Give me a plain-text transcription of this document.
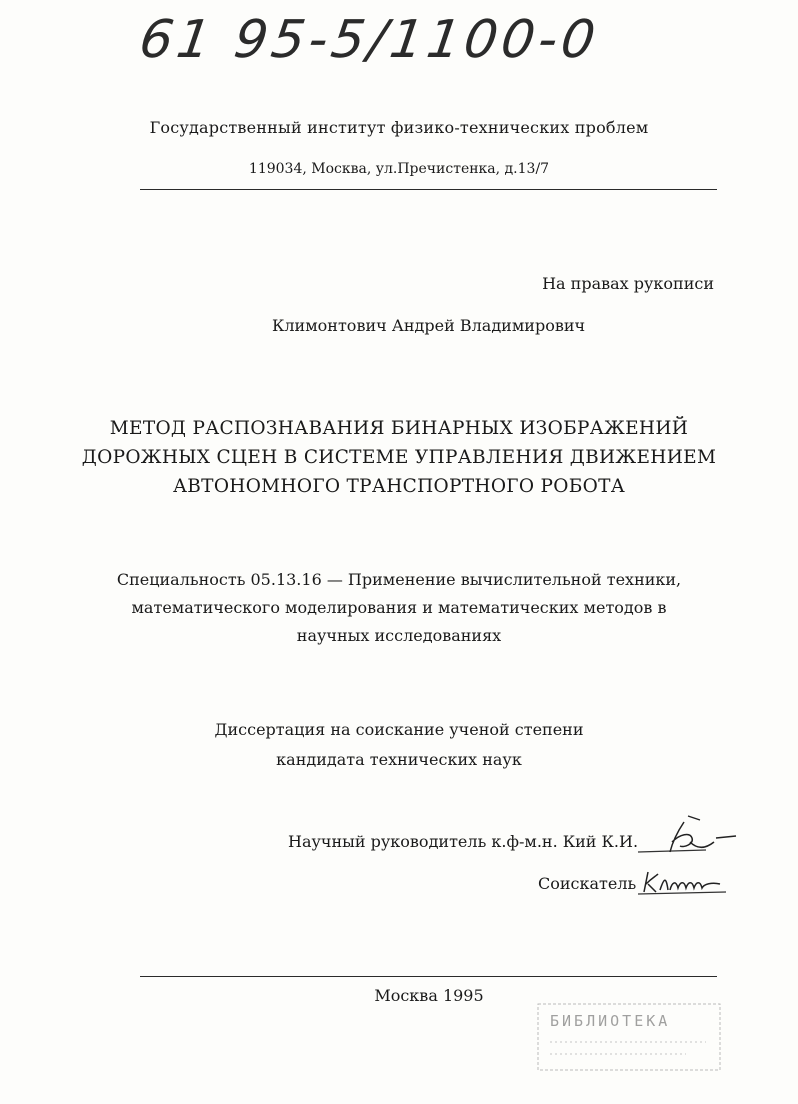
61 95-5/1100-0
Государственный институт физико-технических проблем
119034, Москва, ул.Пречистенка, д.13/7
На правах рукописи
Климонтович Андрей Владимирович
МЕТОД РАСПОЗНАВАНИЯ БИНАРНЫХ ИЗОБРАЖЕНИЙ
ДОРОЖНЫХ СЦЕН В СИСТЕМЕ УПРАВЛЕНИЯ ДВИЖЕНИЕМ
АВТОНОМНОГО ТРАНСПОРТНОГО РОБОТА
Специальность 05.13.16 — Применение вычислительной техники,
математического моделирования и математических методов в
научных исследованиях
Диссертация на соискание ученой степени
кандидата технических наук
Научный руководитель к.ф-м.н. Кий К.И.
Соискатель
Москва 1995
БИБЛИОТЕКА
